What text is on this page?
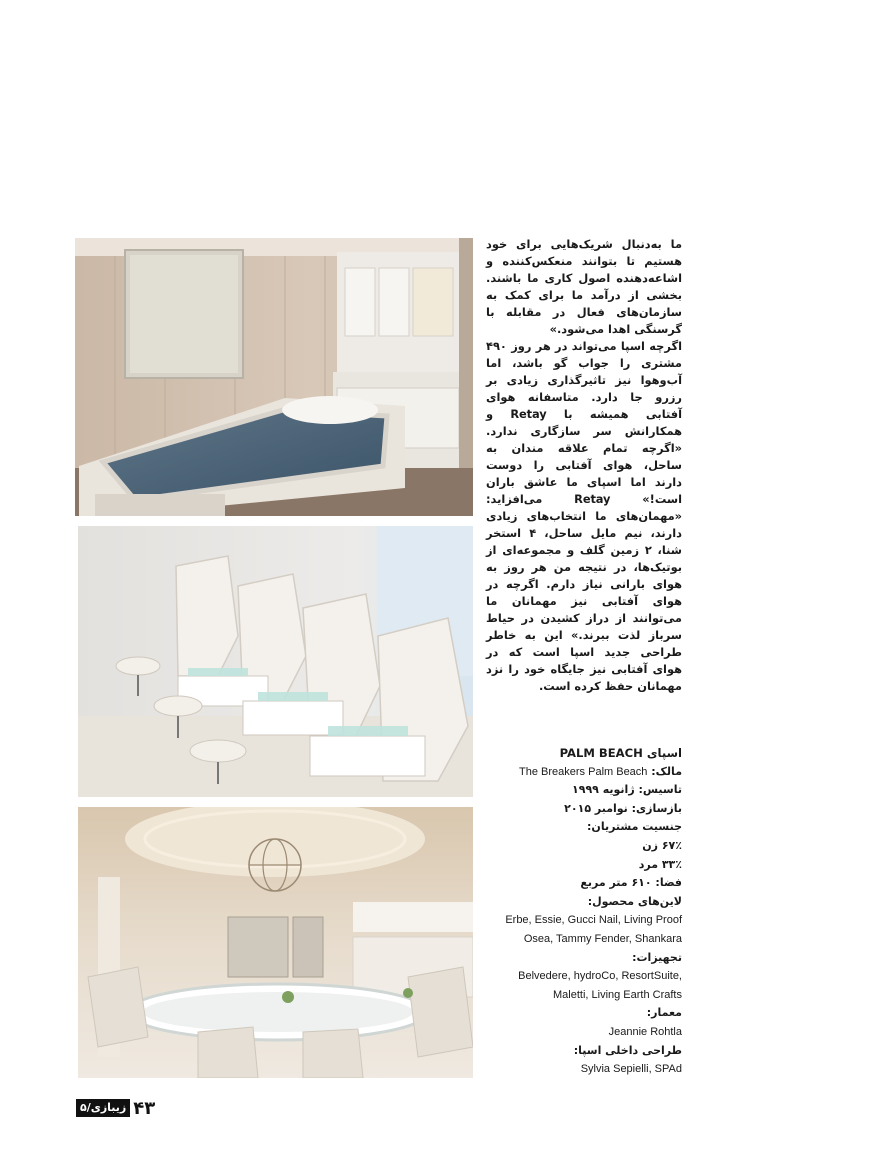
ما به‌دنبال شریک‌هایی برای خود هستیم تا بتوانند منعکس‌کننده و اشاعه‌دهنده اصول کاری ما باشند. بخشی از درآمد ما برای کمک به سازمان‌های فعال در مقابله با گرسنگی اهدا می‌شود.»

اگرچه اسپا می‌تواند در هر روز ۴۹۰ مشتری را جواب گو باشد، اما آب‌وهوا نیز تاثیرگذاری زیادی بر رزرو جا دارد. متاسفانه هوای آفتابی همیشه با Retay و همکارانش سر سازگاری ندارد. «اگرچه تمام علاقه مندان به ساحل، هوای آفتابی را دوست دارند اما اسپای ما عاشق باران است!» Retay می‌افزاید: «مهمان‌های ما انتخاب‌های زیادی دارند، نیم مایل ساحل، ۴ استخر شنا، ۲ زمین گلف و مجموعه‌ای از بوتیک‌ها، در نتیجه من هر روز به هوای بارانی نیاز دارم. اگرچه در هوای آفتابی نیز مهمانان ما می‌توانند از دراز کشیدن در حیاط سرباز لذت ببرند.» این به خاطر طراحی جدید اسپا است که در هوای آفتابی نیز جایگاه خود را نزد مهمانان حفظ کرده است.

اسپای PALM BEACH
مالک: The Breakers Palm Beach
تاسیس: ژانویه ۱۹۹۹
بازسازی: نوامبر ۲۰۱۵
جنسیت مشتریان:
۶۷٪ زن
۳۳٪ مرد
فضا: ۶۱۰ متر مربع
لاین‌های محصول:
Erbe, Essie, Gucci Nail, Living Proof
Osea, Tammy Fender, Shankara
تجهیزات:
Belvedere, hydroCo, ResortSuite,
Maletti, Living Earth Crafts
معمار:
Jeannie Rohtla
طراحی داخلی اسپا:
Sylvia Sepielli, SPAd
زیبازی/۵ ۴۳
